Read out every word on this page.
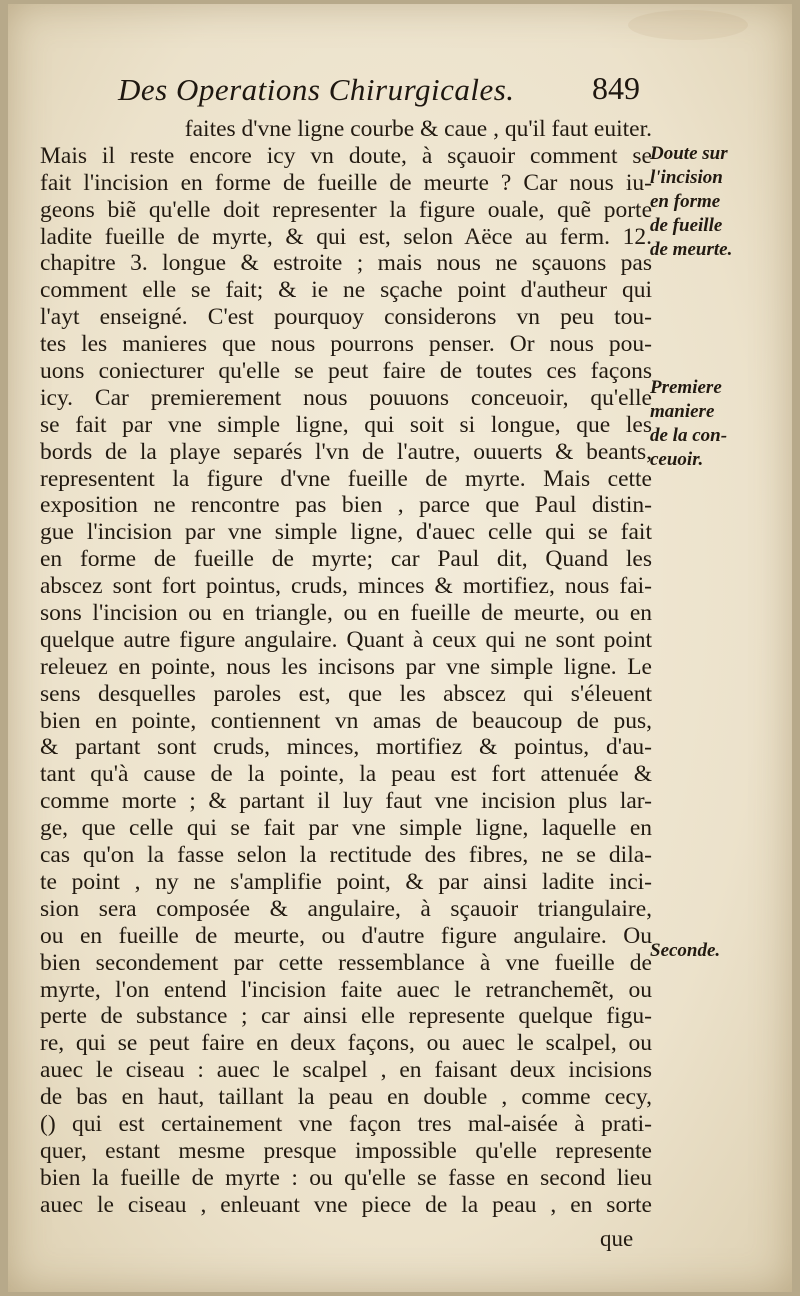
Des Operations Chirurgicales. 849
faites d'vne ligne courbe & caue , qu'il faut euiter.
Mais il reste encore icy vn doute, à sçauoir comment se
fait l'incision en forme de fueille de meurte ? Car nous iu-
geons biẽ qu'elle doit representer la figure ouale, quẽ porte
ladite fueille de myrte, & qui est, selon Aëce au ferm. 12.
chapitre 3. longue & estroite ; mais nous ne sçauons pas
comment elle se fait; & ie ne sçache point d'autheur qui
l'ayt enseigné. C'est pourquoy considerons vn peu tou-
tes les manieres que nous pourrons penser. Or nous pou-
uons coniecturer qu'elle se peut faire de toutes ces façons
icy. Car premierement nous pouuons conceuoir, qu'elle
se fait par vne simple ligne, qui soit si longue, que les
bords de la playe separés l'vn de l'autre, ouuerts & beants,
representent la figure d'vne fueille de myrte. Mais cette
exposition ne rencontre pas bien , parce que Paul distin-
gue l'incision par vne simple ligne, d'auec celle qui se fait
en forme de fueille de myrte; car Paul dit, Quand les
abscez sont fort pointus, cruds, minces & mortifiez, nous fai-
sons l'incision ou en triangle, ou en fueille de meurte, ou en
quelque autre figure angulaire. Quant à ceux qui ne sont point
releuez en pointe, nous les incisons par vne simple ligne. Le
sens desquelles paroles est, que les abscez qui s'éleuent
bien en pointe, contiennent vn amas de beaucoup de pus,
& partant sont cruds, minces, mortifiez & pointus, d'au-
tant qu'à cause de la pointe, la peau est fort attenuée &
comme morte ; & partant il luy faut vne incision plus lar-
ge, que celle qui se fait par vne simple ligne, laquelle en
cas qu'on la fasse selon la rectitude des fibres, ne se dila-
te point , ny ne s'amplifie point, & par ainsi ladite inci-
sion sera composée & angulaire, à sçauoir triangulaire,
ou en fueille de meurte, ou d'autre figure angulaire. Ou
bien secondement par cette ressemblance à vne fueille de
myrte, l'on entend l'incision faite auec le retranchemẽt, ou
perte de substance ; car ainsi elle represente quelque figu-
re, qui se peut faire en deux façons, ou auec le scalpel, ou
auec le ciseau : auec le scalpel , en faisant deux incisions
de bas en haut, taillant la peau en double , comme cecy,
() qui est certainement vne façon tres mal-aisée à prati-
quer, estant mesme presque impossible qu'elle represente
bien la fueille de myrte : ou qu'elle se fasse en second lieu
auec le ciseau , enleuant vne piece de la peau , en sorte
Doute sur
l'incision
en forme
de fueille
de meurte.
Premiere
maniere
de la con-
ceuoir.
Seconde.
que
